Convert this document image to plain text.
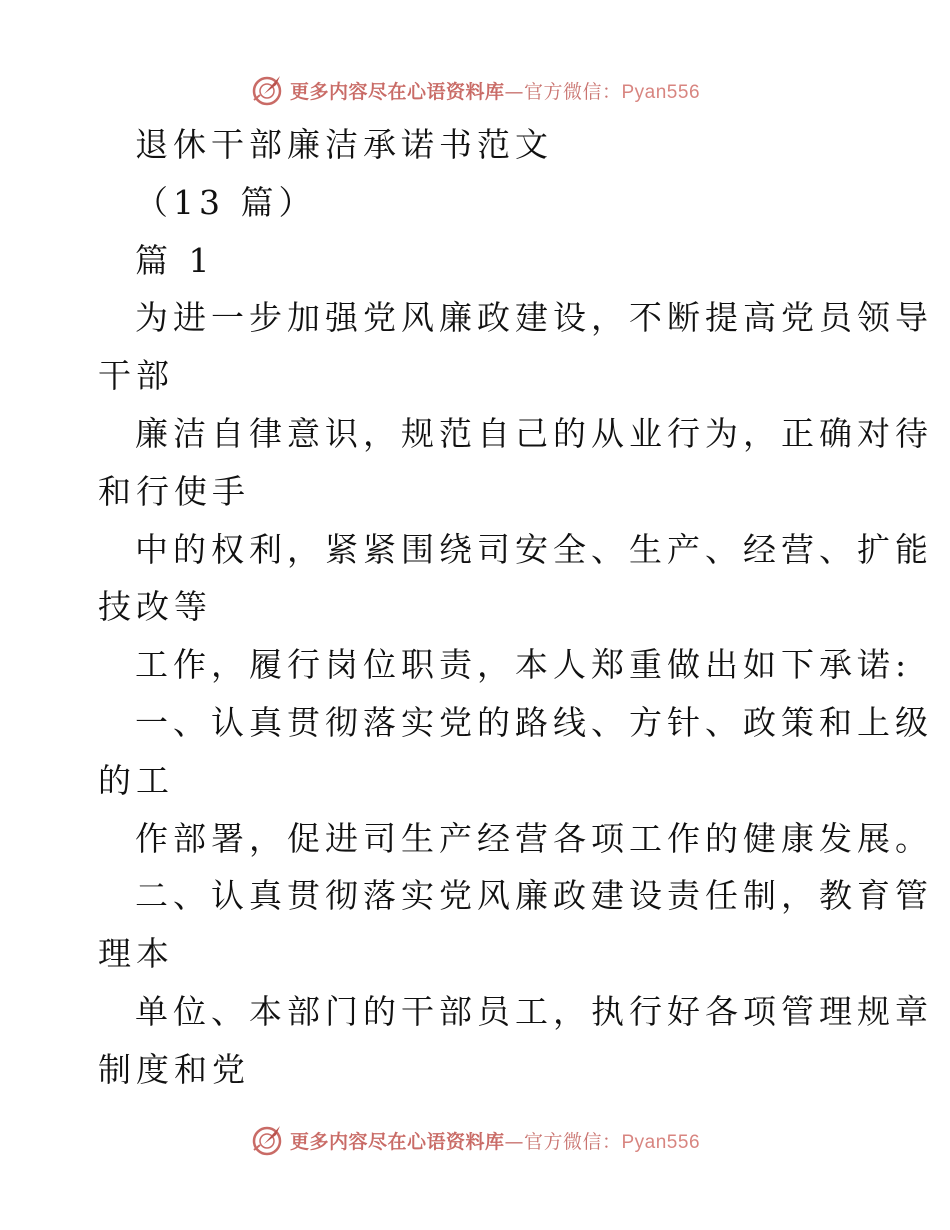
更多内容尽在心语资料库—官方微信：Pyan556
退休干部廉洁承诺书范文
（13 篇）
篇 1
为进一步加强党风廉政建设，不断提高党员领导
干部
廉洁自律意识，规范自己的从业行为，正确对待
和行使手
中的权利，紧紧围绕司安全、生产、经营、扩能
技改等
工作，履行岗位职责，本人郑重做出如下承诺:
一、认真贯彻落实党的路线、方针、政策和上级
的工
作部署，促进司生产经营各项工作的健康发展。
二、认真贯彻落实党风廉政建设责任制，教育管
理本
单位、本部门的干部员工，执行好各项管理规章
制度和党
更多内容尽在心语资料库—官方微信：Pyan556
